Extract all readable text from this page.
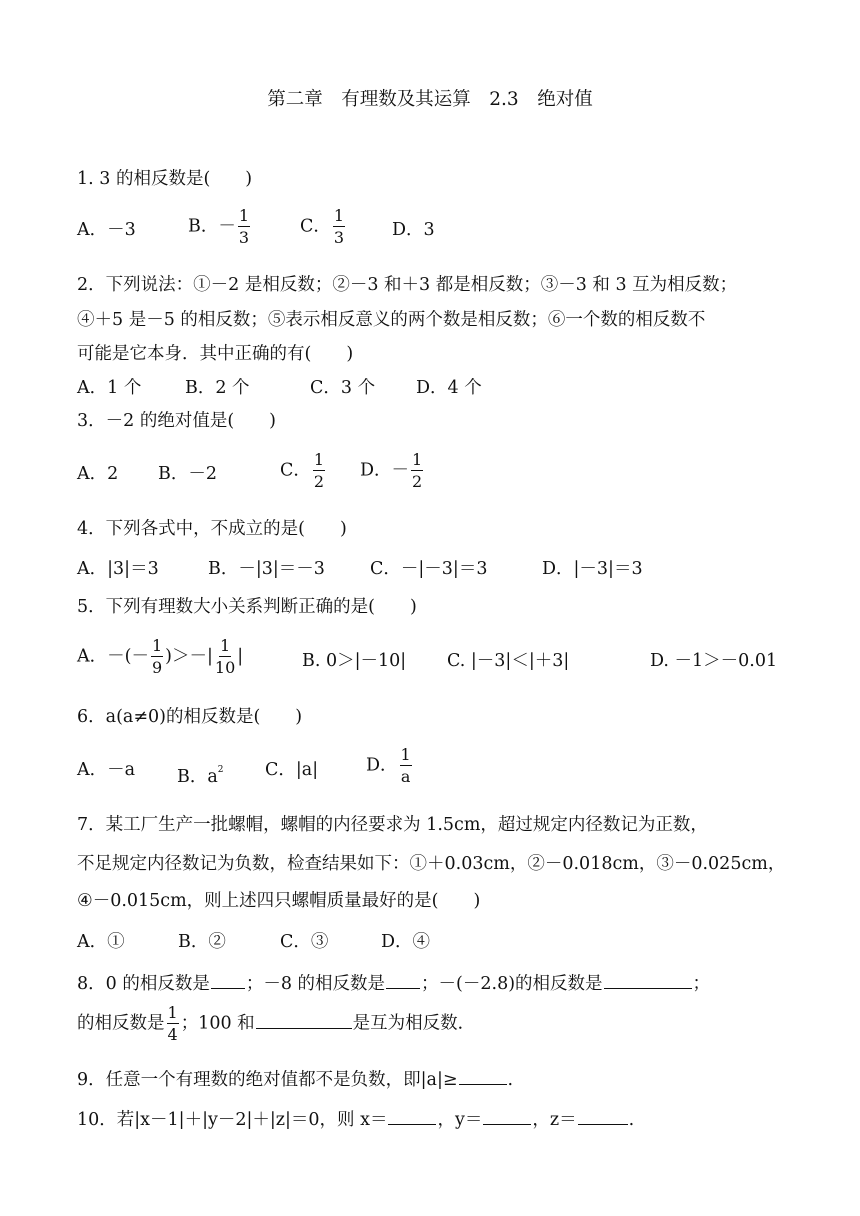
第二章　有理数及其运算　2.3　绝对值
1. 3 的相反数是(　　)
A．－3	B．－ $\frac{1}{3}$	C． $\frac{1}{3}$	D．3
2．下列说法：①－2 是相反数；②－3 和＋3 都是相反数；③－3 和 3 互为相反数；
④＋5 是－5 的相反数；⑤表示相反意义的两个数是相反数；⑥一个数的相反数不
可能是它本身．其中正确的有(　　)
A．1 个 B．2 个	C．3 个 D．4 个
3．－2 的绝对值是(　　)
A．2 B．－2	C． $\frac{1}{2}$ D．－ $\frac{1}{2}$
4．下列各式中，不成立的是(　　)
A．|3|＝3	B．－|3|＝－3	C．－|－3|＝3	D．|－3|＝3
5．下列有理数大小关系判断正确的是(　　)
A．－(－ $\frac{1}{9}$ )＞－| $\frac{1}{10}$ |	B. 0＞|－10| C. |－3|＜|＋3|	D. －1＞－0.01
6．a(a≠0)的相反数是(　　)
A．－a B．$a^2$ C．|a|	D． $\frac{1}{a}$
7．某工厂生产一批螺帽，螺帽的内径要求为 1.5cm，超过规定内径数记为正数，
不足规定内径数记为负数，检查结果如下：①＋0.03cm，②－0.018cm，③－0.025cm，
④－0.015cm，则上述四只螺帽质量最好的是(　　)
A．①	B．②	C．③	D．④
8．0 的相反数是 ；－8 的相反数是 ；－(－2.8)的相反数是	；
的相反数是 $\frac{1}{4}$ ；100 和	是互为相反数．
9．任意一个有理数的绝对值都不是负数，即|a|≥	.
10．若|x－1|＋|y－2|＋|z|＝0，则 x＝	，y＝	，z＝	.
